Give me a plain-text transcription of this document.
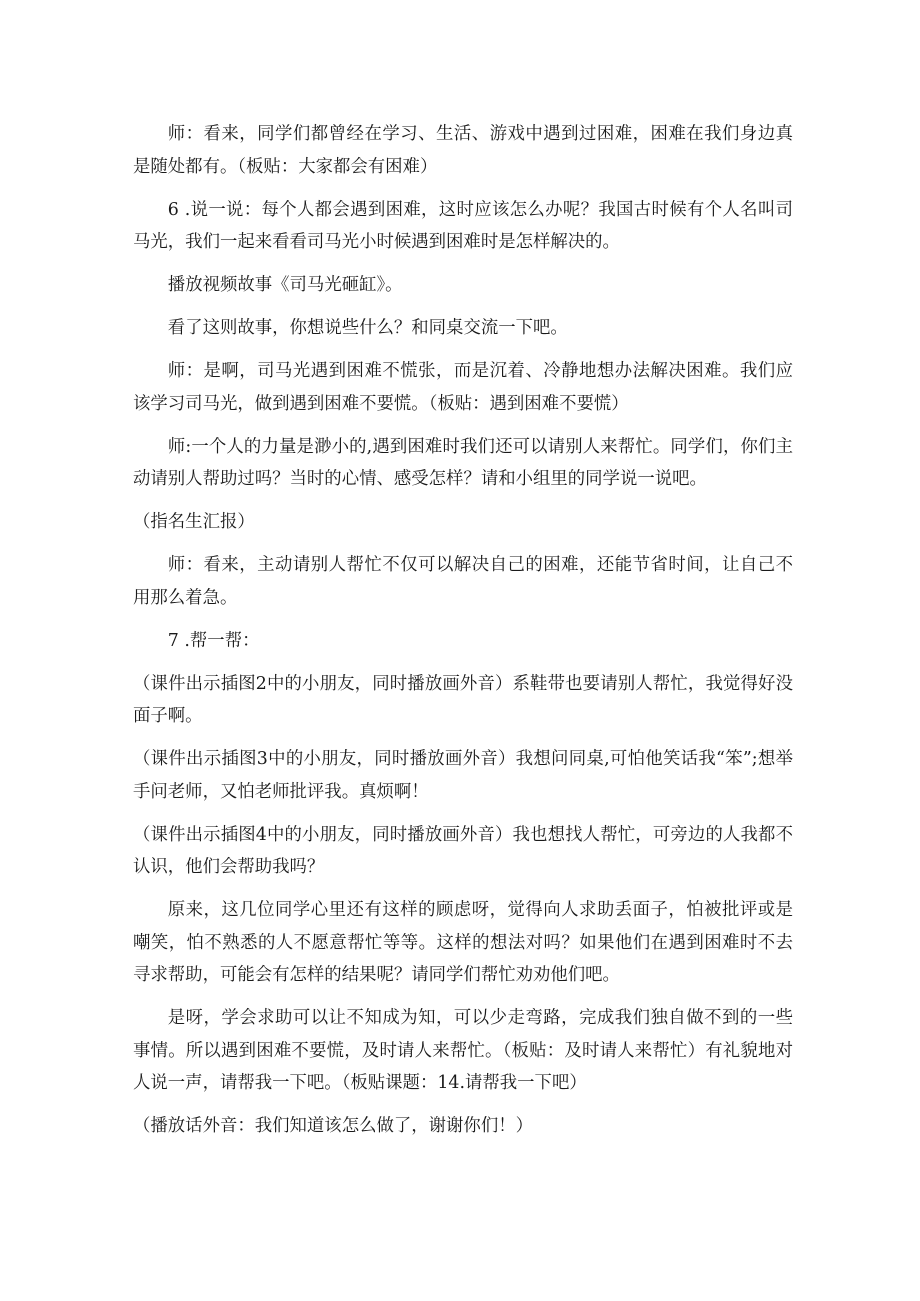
师：看来，同学们都曾经在学习、生活、游戏中遇到过困难，困难在我们身边真是随处都有。（板贴：大家都会有困难）

6 .说一说：每个人都会遇到困难，这时应该怎么办呢？我国古时候有个人名叫司马光，我们一起来看看司马光小时候遇到困难时是怎样解决的。

播放视频故事《司马光砸缸》。

看了这则故事，你想说些什么？和同桌交流一下吧。

师：是啊，司马光遇到困难不慌张，而是沉着、冷静地想办法解决困难。我们应该学习司马光，做到遇到困难不要慌。（板贴：遇到困难不要慌）

师:一个人的力量是渺小的,遇到困难时我们还可以请别人来帮忙。同学们，你们主动请别人帮助过吗？当时的心情、感受怎样？请和小组里的同学说一说吧。

（指名生汇报）

师：看来，主动请别人帮忙不仅可以解决自己的困难，还能节省时间，让自己不用那么着急。

7 .帮一帮：

（课件出示插图2中的小朋友，同时播放画外音）系鞋带也要请别人帮忙，我觉得好没面子啊。

（课件出示插图3中的小朋友，同时播放画外音）我想问同桌,可怕他笑话我“笨”;想举手问老师，又怕老师批评我。真烦啊！

（课件出示插图4中的小朋友，同时播放画外音）我也想找人帮忙，可旁边的人我都不认识，他们会帮助我吗？

原来，这几位同学心里还有这样的顾虑呀，觉得向人求助丢面子，怕被批评或是嘲笑，怕不熟悉的人不愿意帮忙等等。这样的想法对吗？如果他们在遇到困难时不去寻求帮助，可能会有怎样的结果呢？请同学们帮忙劝劝他们吧。

是呀，学会求助可以让不知成为知，可以少走弯路，完成我们独自做不到的一些事情。所以遇到困难不要慌，及时请人来帮忙。（板贴：及时请人来帮忙）有礼貌地对人说一声，请帮我一下吧。（板贴课题：14.请帮我一下吧）

（播放话外音：我们知道该怎么做了，谢谢你们！）
